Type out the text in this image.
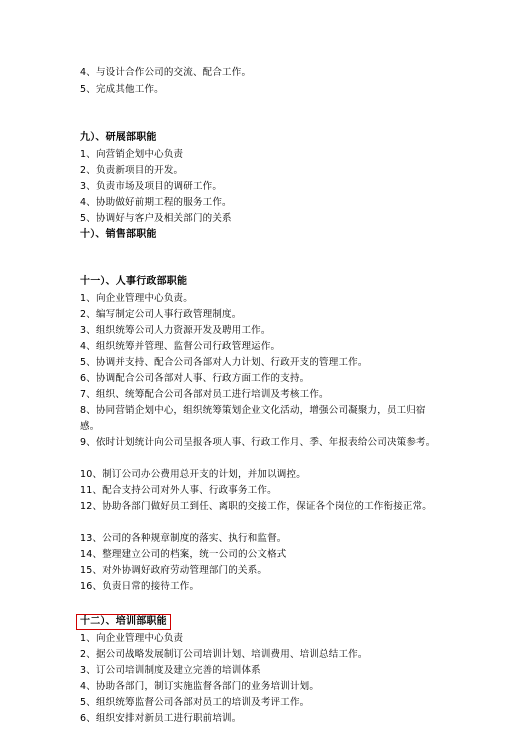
4、与设计合作公司的交流、配合工作。
5、完成其他工作。
九）、研展部职能
1、向营销企划中心负责
2、负责新项目的开发。
3、负责市场及项目的调研工作。
4、协助做好前期工程的服务工作。
5、协调好与客户及相关部门的关系
十）、销售部职能
十一）、人事行政部职能
1、向企业管理中心负责。
2、编写制定公司人事行政管理制度。
3、组织统筹公司人力资源开发及聘用工作。
4、组织统筹并管理、监督公司行政管理运作。
5、协调并支持、配合公司各部对人力计划、行政开支的管理工作。
6、协调配合公司各部对人事、行政方面工作的支持。
7、组织、统筹配合公司各部对员工进行培训及考核工作。
8、协同营销企划中心，组织统筹策划企业文化活动，增强公司凝聚力，员工归宿感。
9、依时计划统计向公司呈报各项人事、行政工作月、季、年报表给公司决策参考。
10、制订公司办公费用总开支的计划，并加以调控。
11、配合支持公司对外人事、行政事务工作。
12、协助各部门做好员工到任、离职的交接工作，保证各个岗位的工作衔接正常。
13、公司的各种规章制度的落实、执行和监督。
14、整理建立公司的档案，统一公司的公文格式
15、对外协调好政府劳动管理部门的关系。
16、负责日常的接待工作。
十二）、培训部职能
1、向企业管理中心负责
2、据公司战略发展制订公司培训计划、培训费用、培训总结工作。
3、订公司培训制度及建立完善的培训体系
4、协助各部门，制订实施监督各部门的业务培训计划。
5、组织统筹监督公司各部对员工的培训及考评工作。
6、组织安排对新员工进行职前培训。
